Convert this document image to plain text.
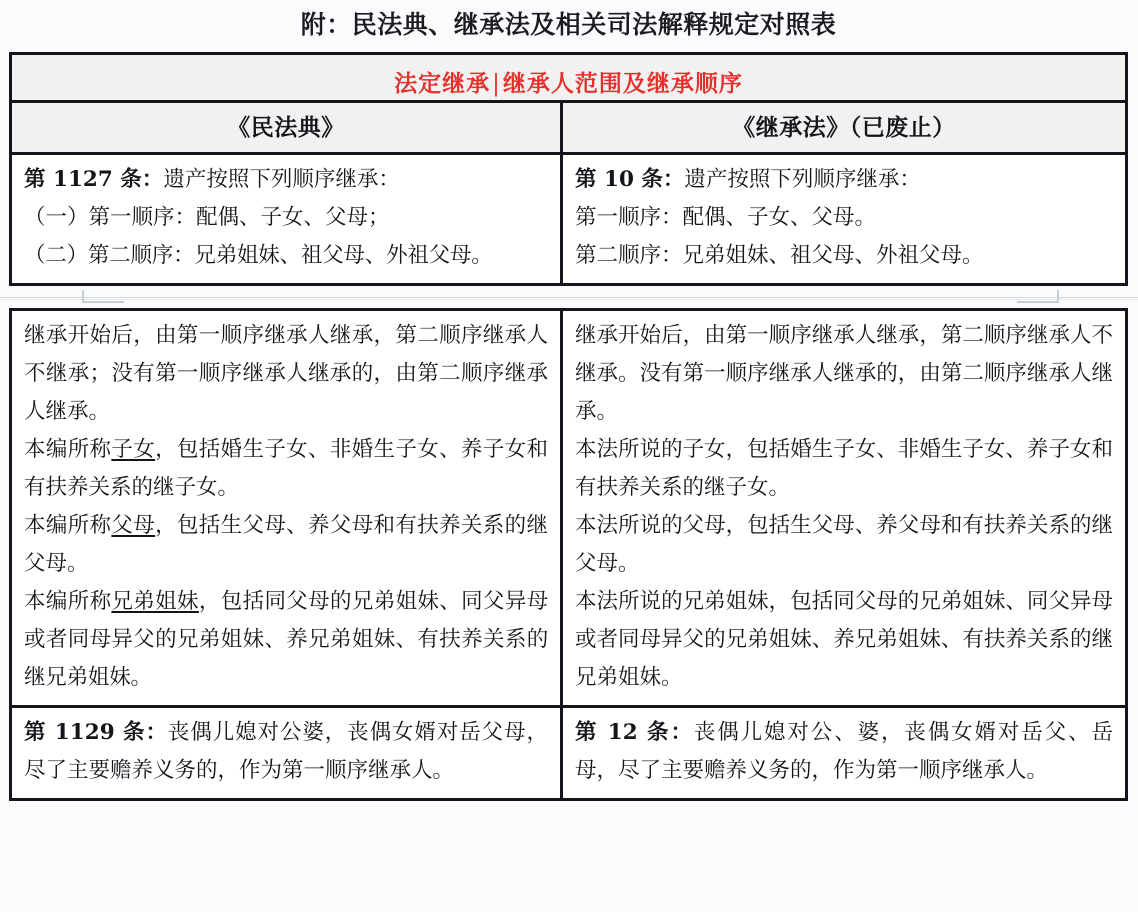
附：民法典、继承法及相关司法解释规定对照表
法定继承|继承人范围及继承顺序
《民法典》	《继承法》（已废止）

第 1127 条：遗产按照下列顺序继承：

（一）第一顺序：配偶、子女、父母；

（二）第二顺序：兄弟姐妹、祖父母、外祖父母。

第 10 条：遗产按照下列顺序继承：

第一顺序：配偶、子女、父母。

第二顺序：兄弟姐妹、祖父母、外祖父母。

继承开始后，由第一顺序继承人继承，第二顺序继承人不继承；没有第一顺序继承人继承的，由第二顺序继承人继承。

本编所称子女，包括婚生子女、非婚生子女、养子女和有扶养关系的继子女。

本编所称父母，包括生父母、养父母和有扶养关系的继父母。

本编所称兄弟姐妹，包括同父母的兄弟姐妹、同父异母或者同母异父的兄弟姐妹、养兄弟姐妹、有扶养关系的继兄弟姐妹。

继承开始后，由第一顺序继承人继承，第二顺序继承人不继承。没有第一顺序继承人继承的，由第二顺序继承人继承。

本法所说的子女，包括婚生子女、非婚生子女、养子女和有扶养关系的继子女。

本法所说的父母，包括生父母、养父母和有扶养关系的继父母。

本法所说的兄弟姐妹，包括同父母的兄弟姐妹、同父异母或者同母异父的兄弟姐妹、养兄弟姐妹、有扶养关系的继兄弟姐妹。

第 1129 条：丧偶儿媳对公婆，丧偶女婿对岳父母，尽了主要赡养义务的，作为第一顺序继承人。

第 12 条：丧偶儿媳对公、婆，丧偶女婿对岳父、岳母，尽了主要赡养义务的，作为第一顺序继承人。
